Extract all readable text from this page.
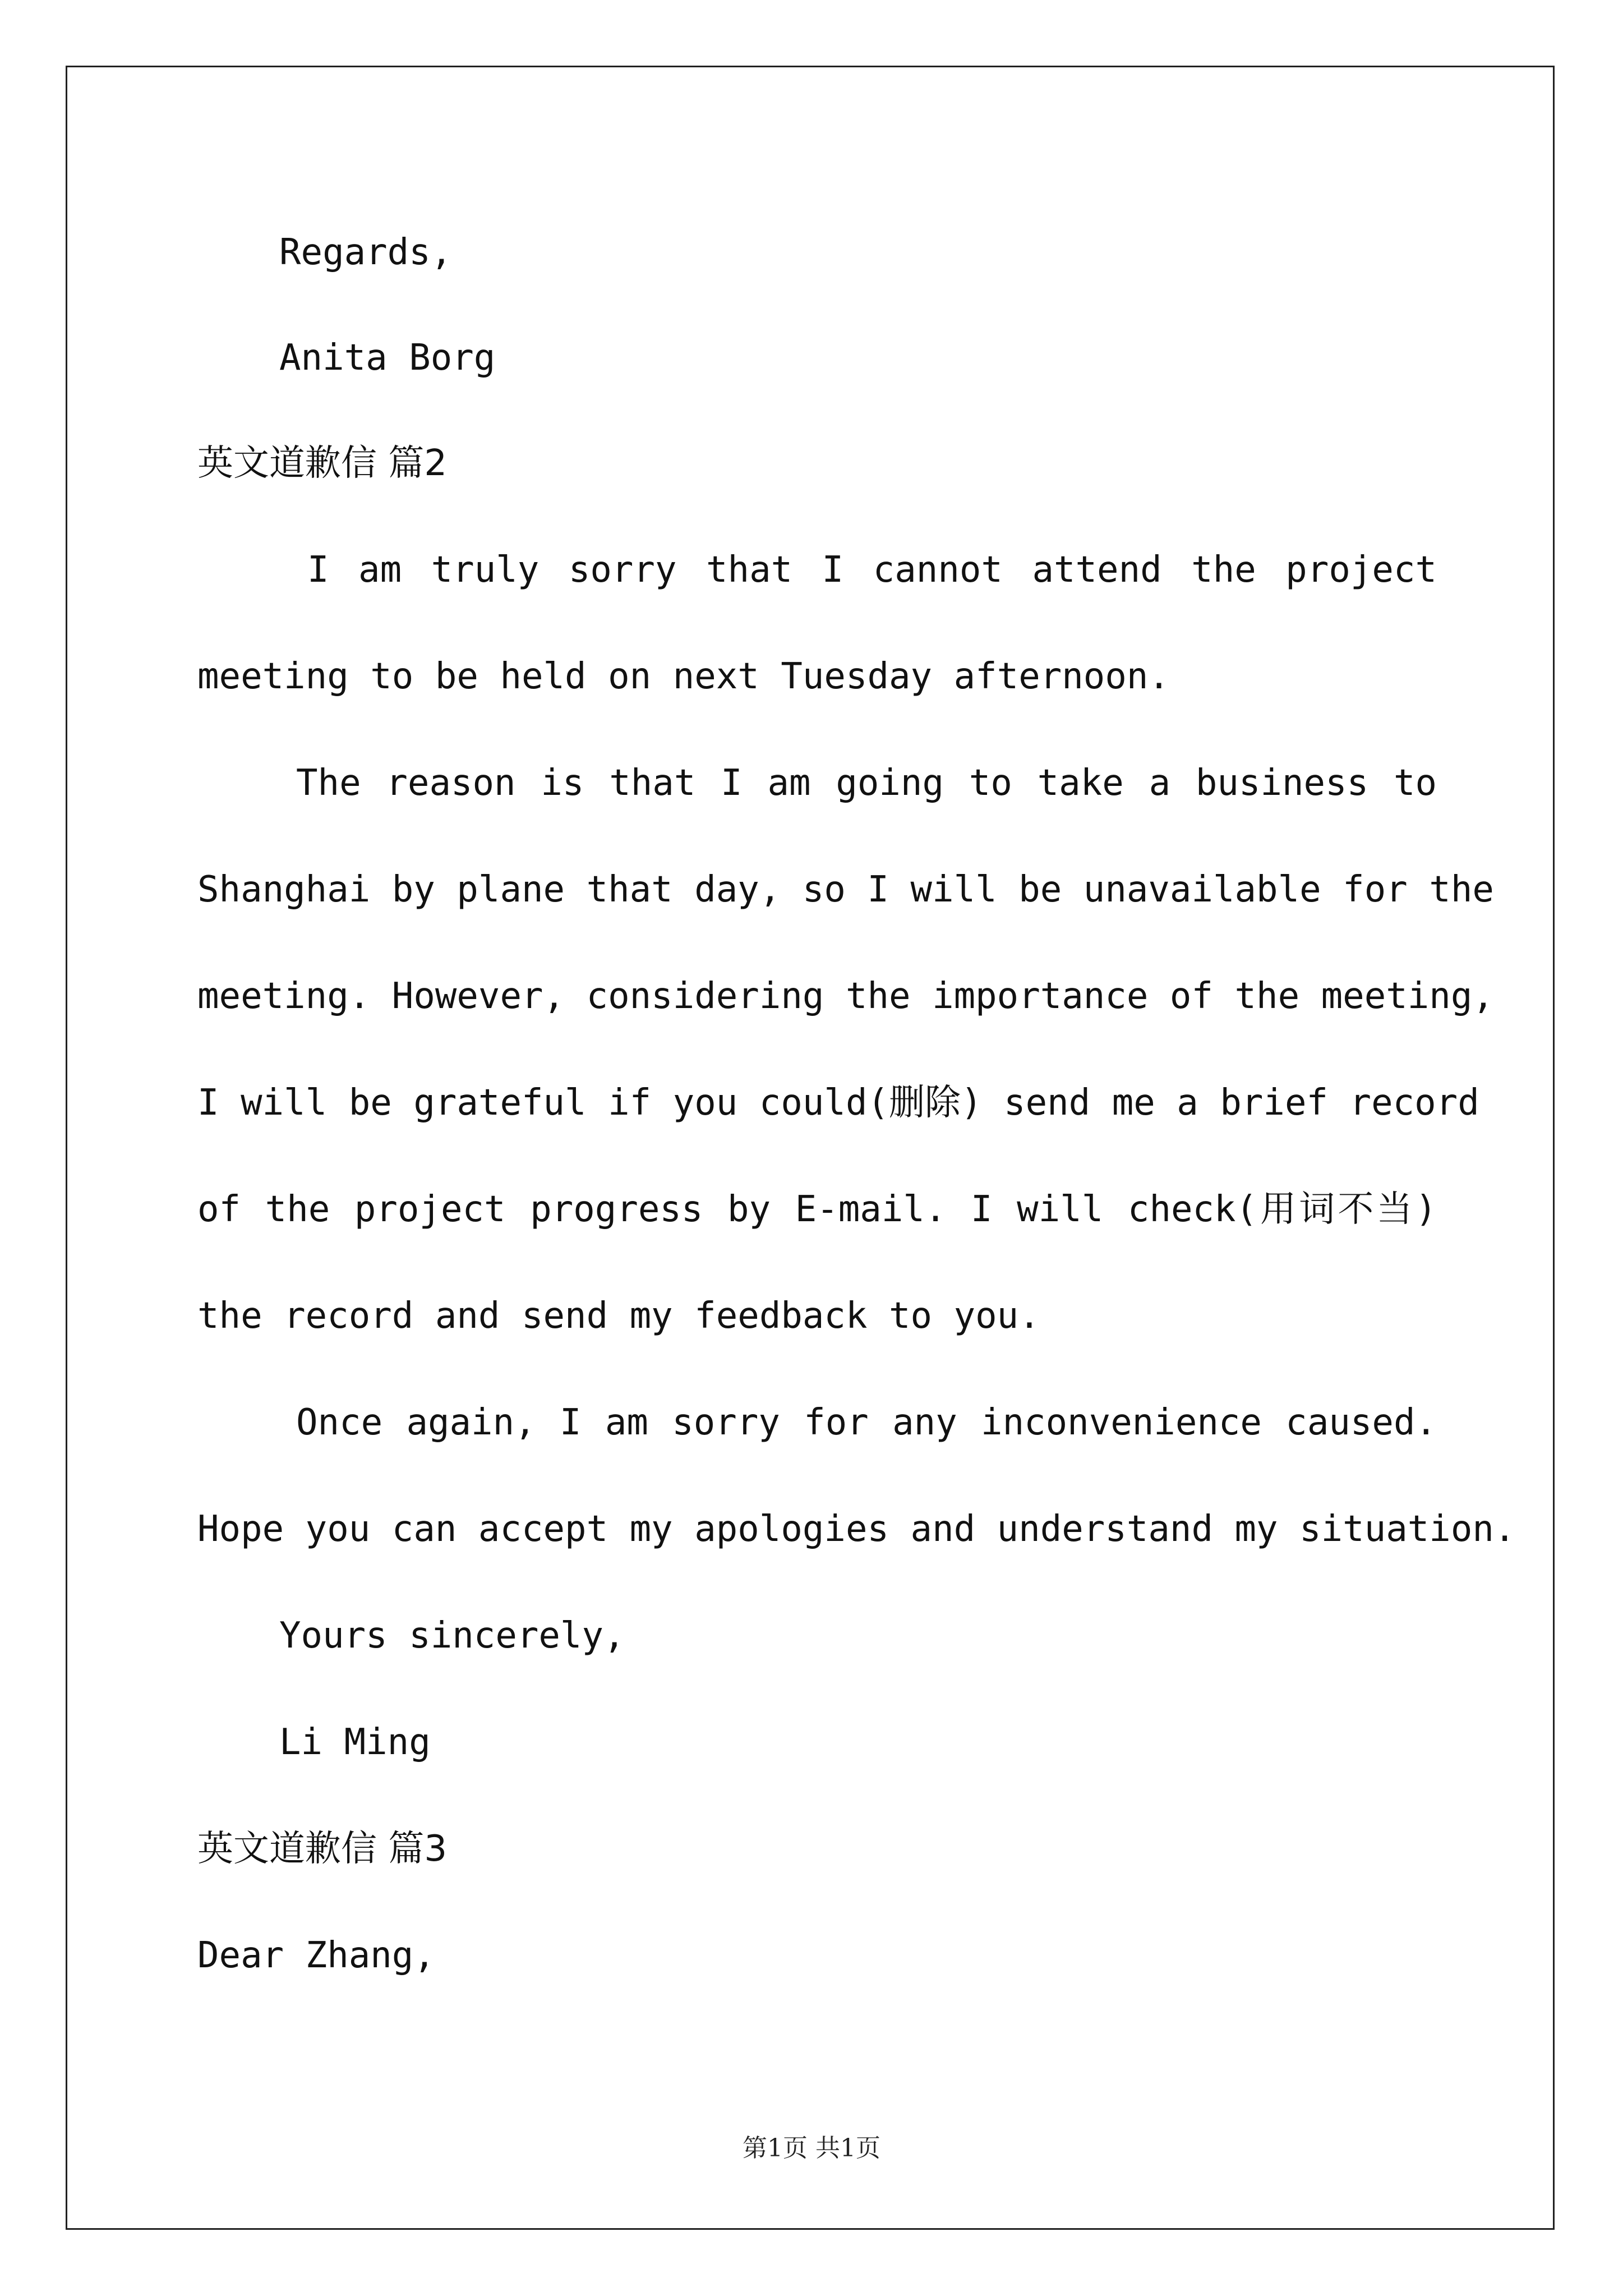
Regards,
Anita Borg
英文道歉信 篇2
I am truly sorry that I cannot attend the project
meeting to be held on next Tuesday afternoon.
The reason is that I am going to take a business to
Shanghai by plane that day, so I will be unavailable for the
meeting. However, considering the importance of the meeting,
I will be grateful if you could(删除) send me a brief record
of the project progress by E-mail. I will check(用词不当)
the record and send my feedback to you.
Once again, I am sorry for any inconvenience caused.
Hope you can accept my apologies and understand my situation.
Yours sincerely,
Li Ming
英文道歉信 篇3
Dear Zhang,
第1页 共1页
